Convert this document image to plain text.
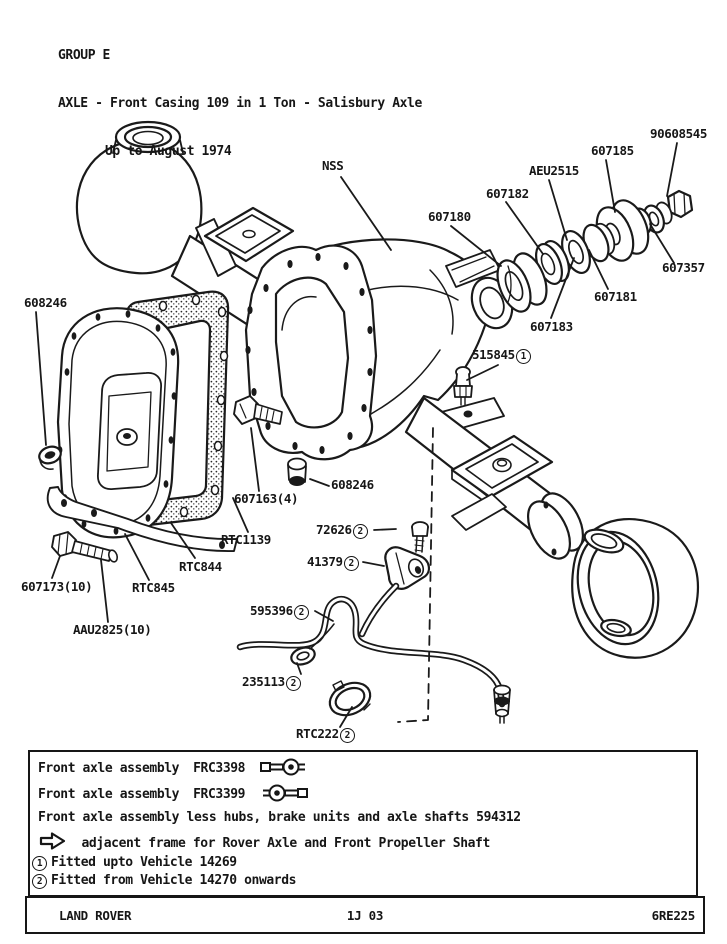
GROUP E

AXLE - Front Casing 109 in 1 Ton - Salisbury Axle

Up to August 1974

NSS
607180
607182
AEU2515
607185
90608545
607357
607181
607183
515845 1
608246
608246
607163(4)
RTC1139
RTC844
RTC845
607173(10)
AAU2825(10)
72626 2
41379 2
595396 2
235113 2
RTC222 2
Front axle assembly FRC3398
Front axle assembly FRC3399
Front axle assembly less hubs, brake units and axle shafts 594312
adjacent frame for Rover Axle and Front Propeller Shaft
1 Fitted upto Vehicle 14269
2 Fitted from Vehicle 14270 onwards
LAND ROVER	1J 03	6RE225
